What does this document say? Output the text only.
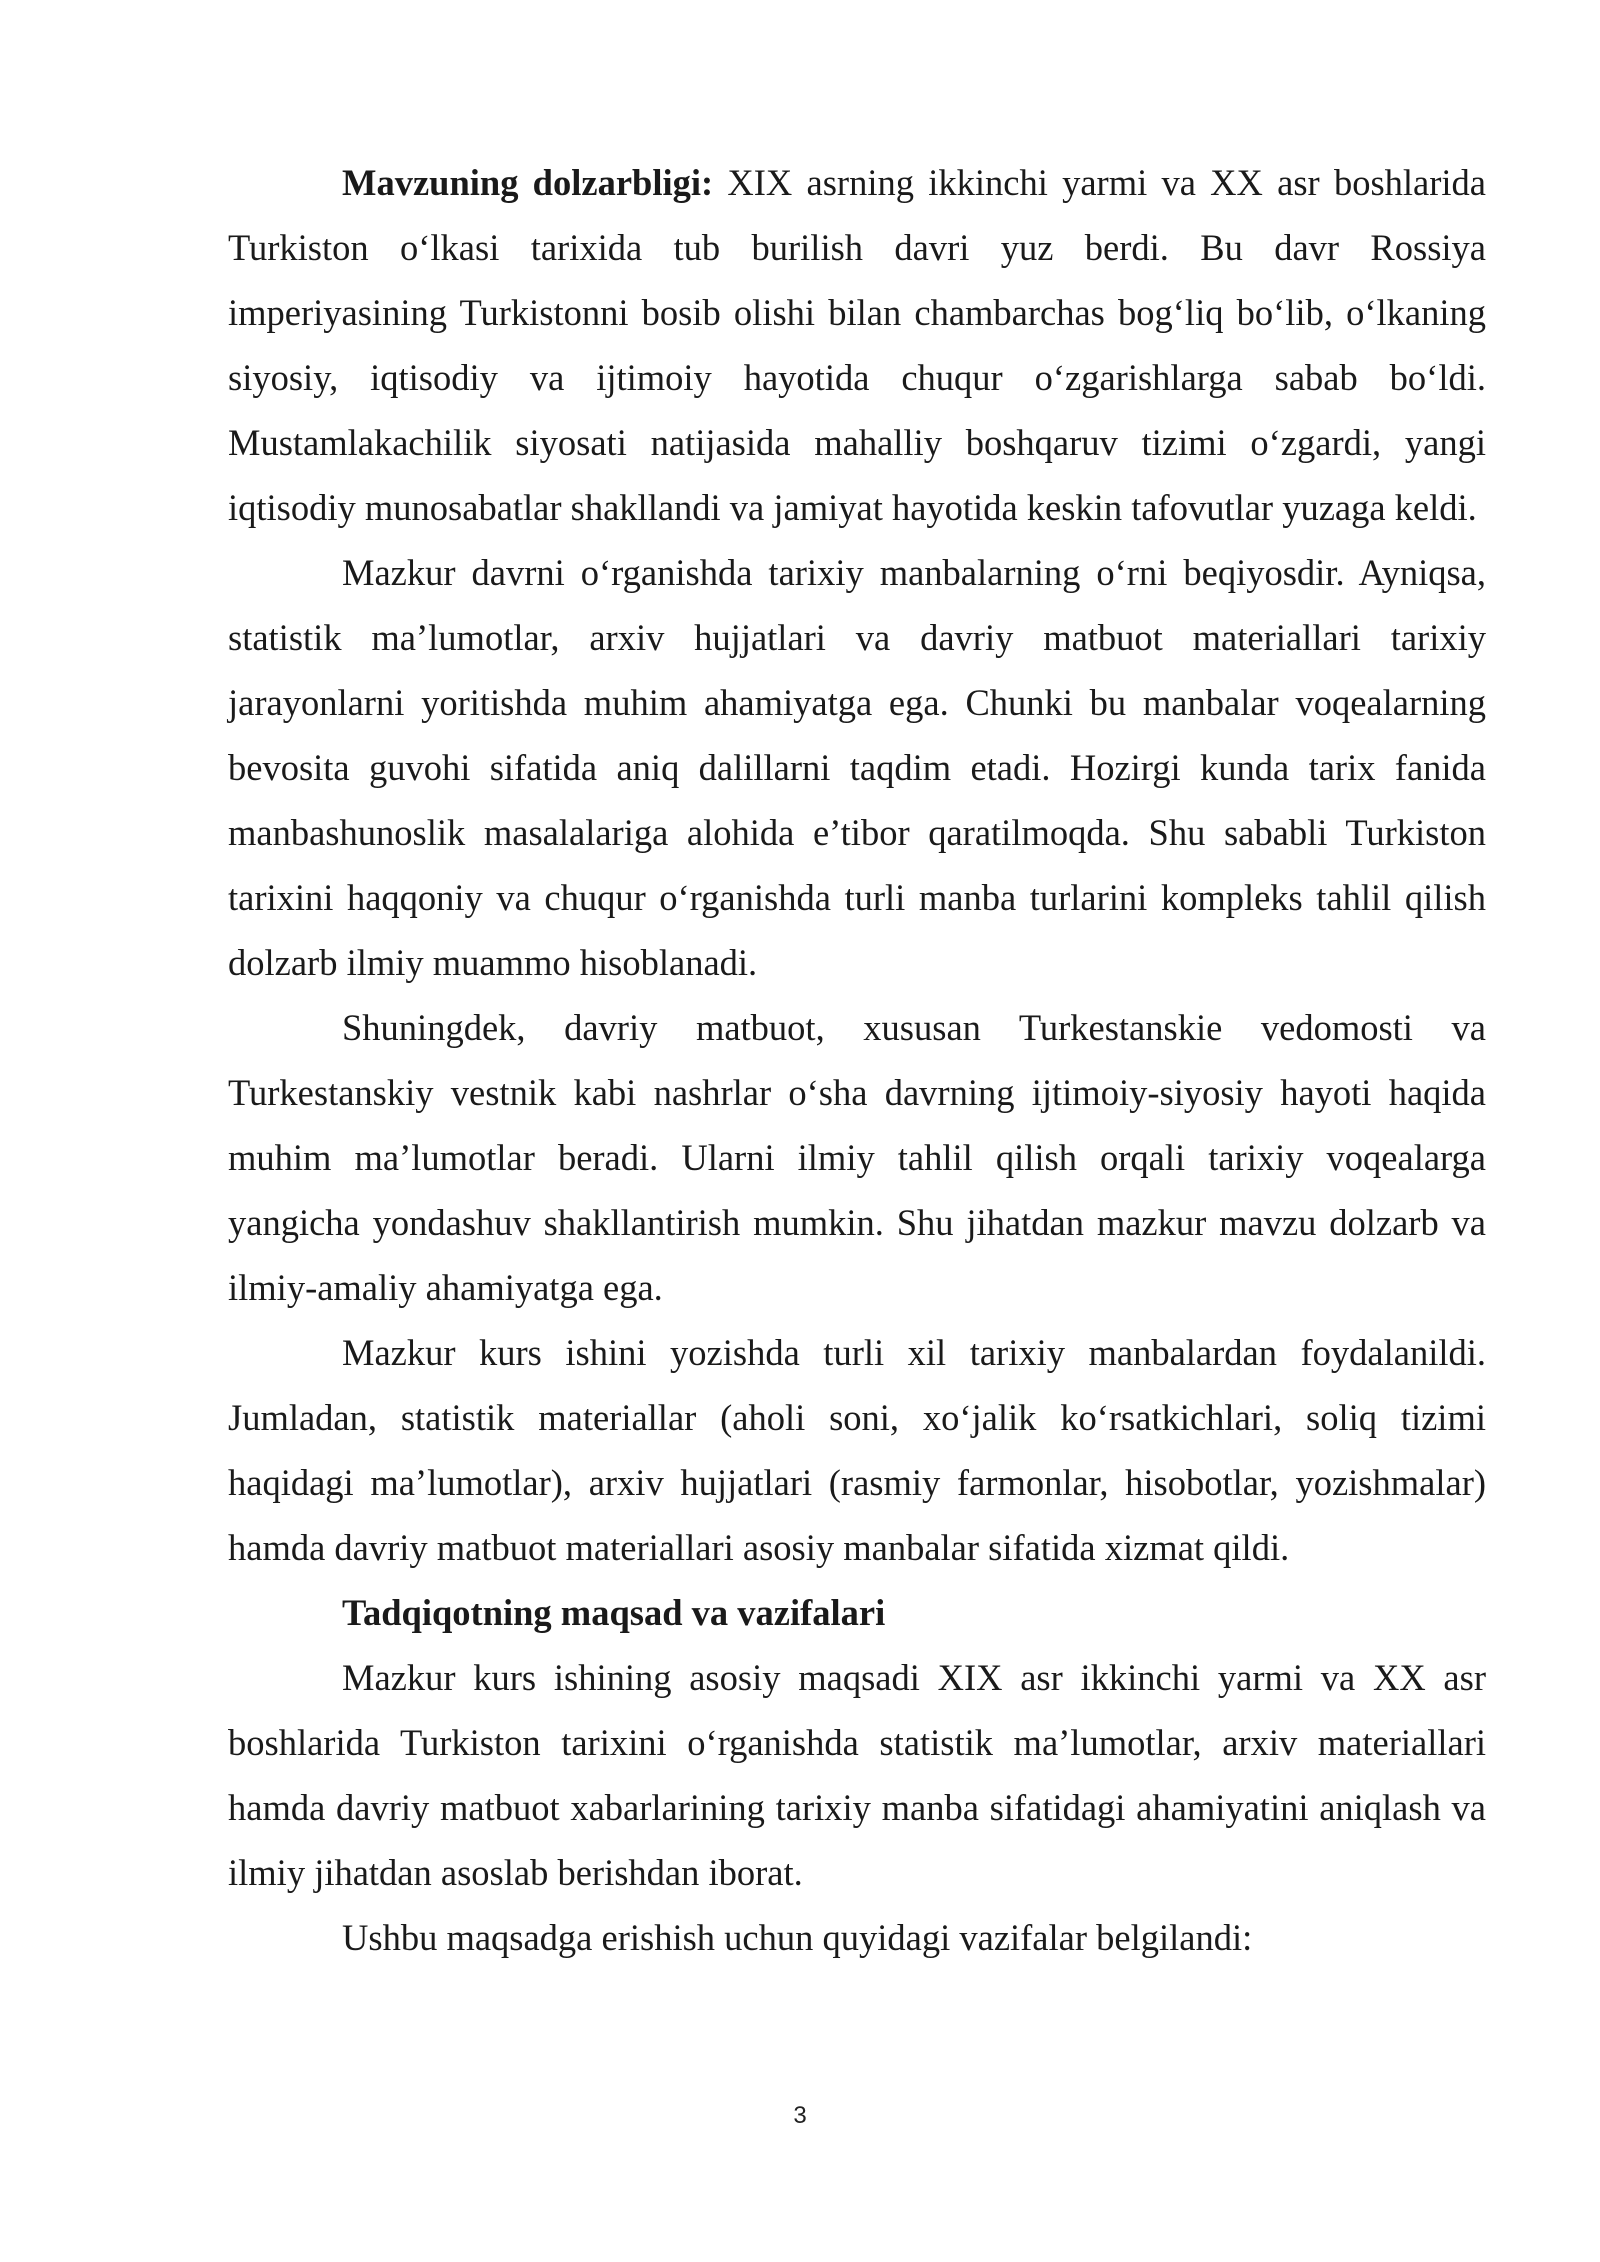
Mavzuning dolzarbligi: XIX asrning ikkinchi yarmi va XX asr boshlarida Turkiston o‘lkasi tarixida tub burilish davri yuz berdi. Bu davr Rossiya imperiyasining Turkistonni bosib olishi bilan chambarchas bog‘liq bo‘lib, o‘lkaning siyosiy, iqtisodiy va ijtimoiy hayotida chuqur o‘zgarishlarga sabab bo‘ldi. Mustamlakachilik siyosati natijasida mahalliy boshqaruv tizimi o‘zgardi, yangi iqtisodiy munosabatlar shakllandi va jamiyat hayotida keskin tafovutlar yuzaga keldi.

Mazkur davrni o‘rganishda tarixiy manbalarning o‘rni beqiyosdir. Ayniqsa, statistik ma’lumotlar, arxiv hujjatlari va davriy matbuot materiallari tarixiy jarayonlarni yoritishda muhim ahamiyatga ega. Chunki bu manbalar voqealarning bevosita guvohi sifatida aniq dalillarni taqdim etadi. Hozirgi kunda tarix fanida manbashunoslik masalalariga alohida e’tibor qaratilmoqda. Shu sababli Turkiston tarixini haqqoniy va chuqur o‘rganishda turli manba turlarini kompleks tahlil qilish dolzarb ilmiy muammo hisoblanadi.

Shuningdek, davriy matbuot, xususan Turkestanskie vedomosti va Turkestanskiy vestnik kabi nashrlar o‘sha davrning ijtimoiy-siyosiy hayoti haqida muhim ma’lumotlar beradi. Ularni ilmiy tahlil qilish orqali tarixiy voqealarga yangicha yondashuv shakllantirish mumkin. Shu jihatdan mazkur mavzu dolzarb va ilmiy-amaliy ahamiyatga ega.

Mazkur kurs ishini yozishda turli xil tarixiy manbalardan foydalanildi. Jumladan, statistik materiallar (aholi soni, xo‘jalik ko‘rsatkichlari, soliq tizimi haqidagi ma’lumotlar), arxiv hujjatlari (rasmiy farmonlar, hisobotlar, yozishmalar) hamda davriy matbuot materiallari asosiy manbalar sifatida xizmat qildi.

Tadqiqotning maqsad va vazifalari

Mazkur kurs ishining asosiy maqsadi XIX asr ikkinchi yarmi va XX asr boshlarida Turkiston tarixini o‘rganishda statistik ma’lumotlar, arxiv materiallari hamda davriy matbuot xabarlarining tarixiy manba sifatidagi ahamiyatini aniqlash va ilmiy jihatdan asoslab berishdan iborat.

Ushbu maqsadga erishish uchun quyidagi vazifalar belgilandi:

3
